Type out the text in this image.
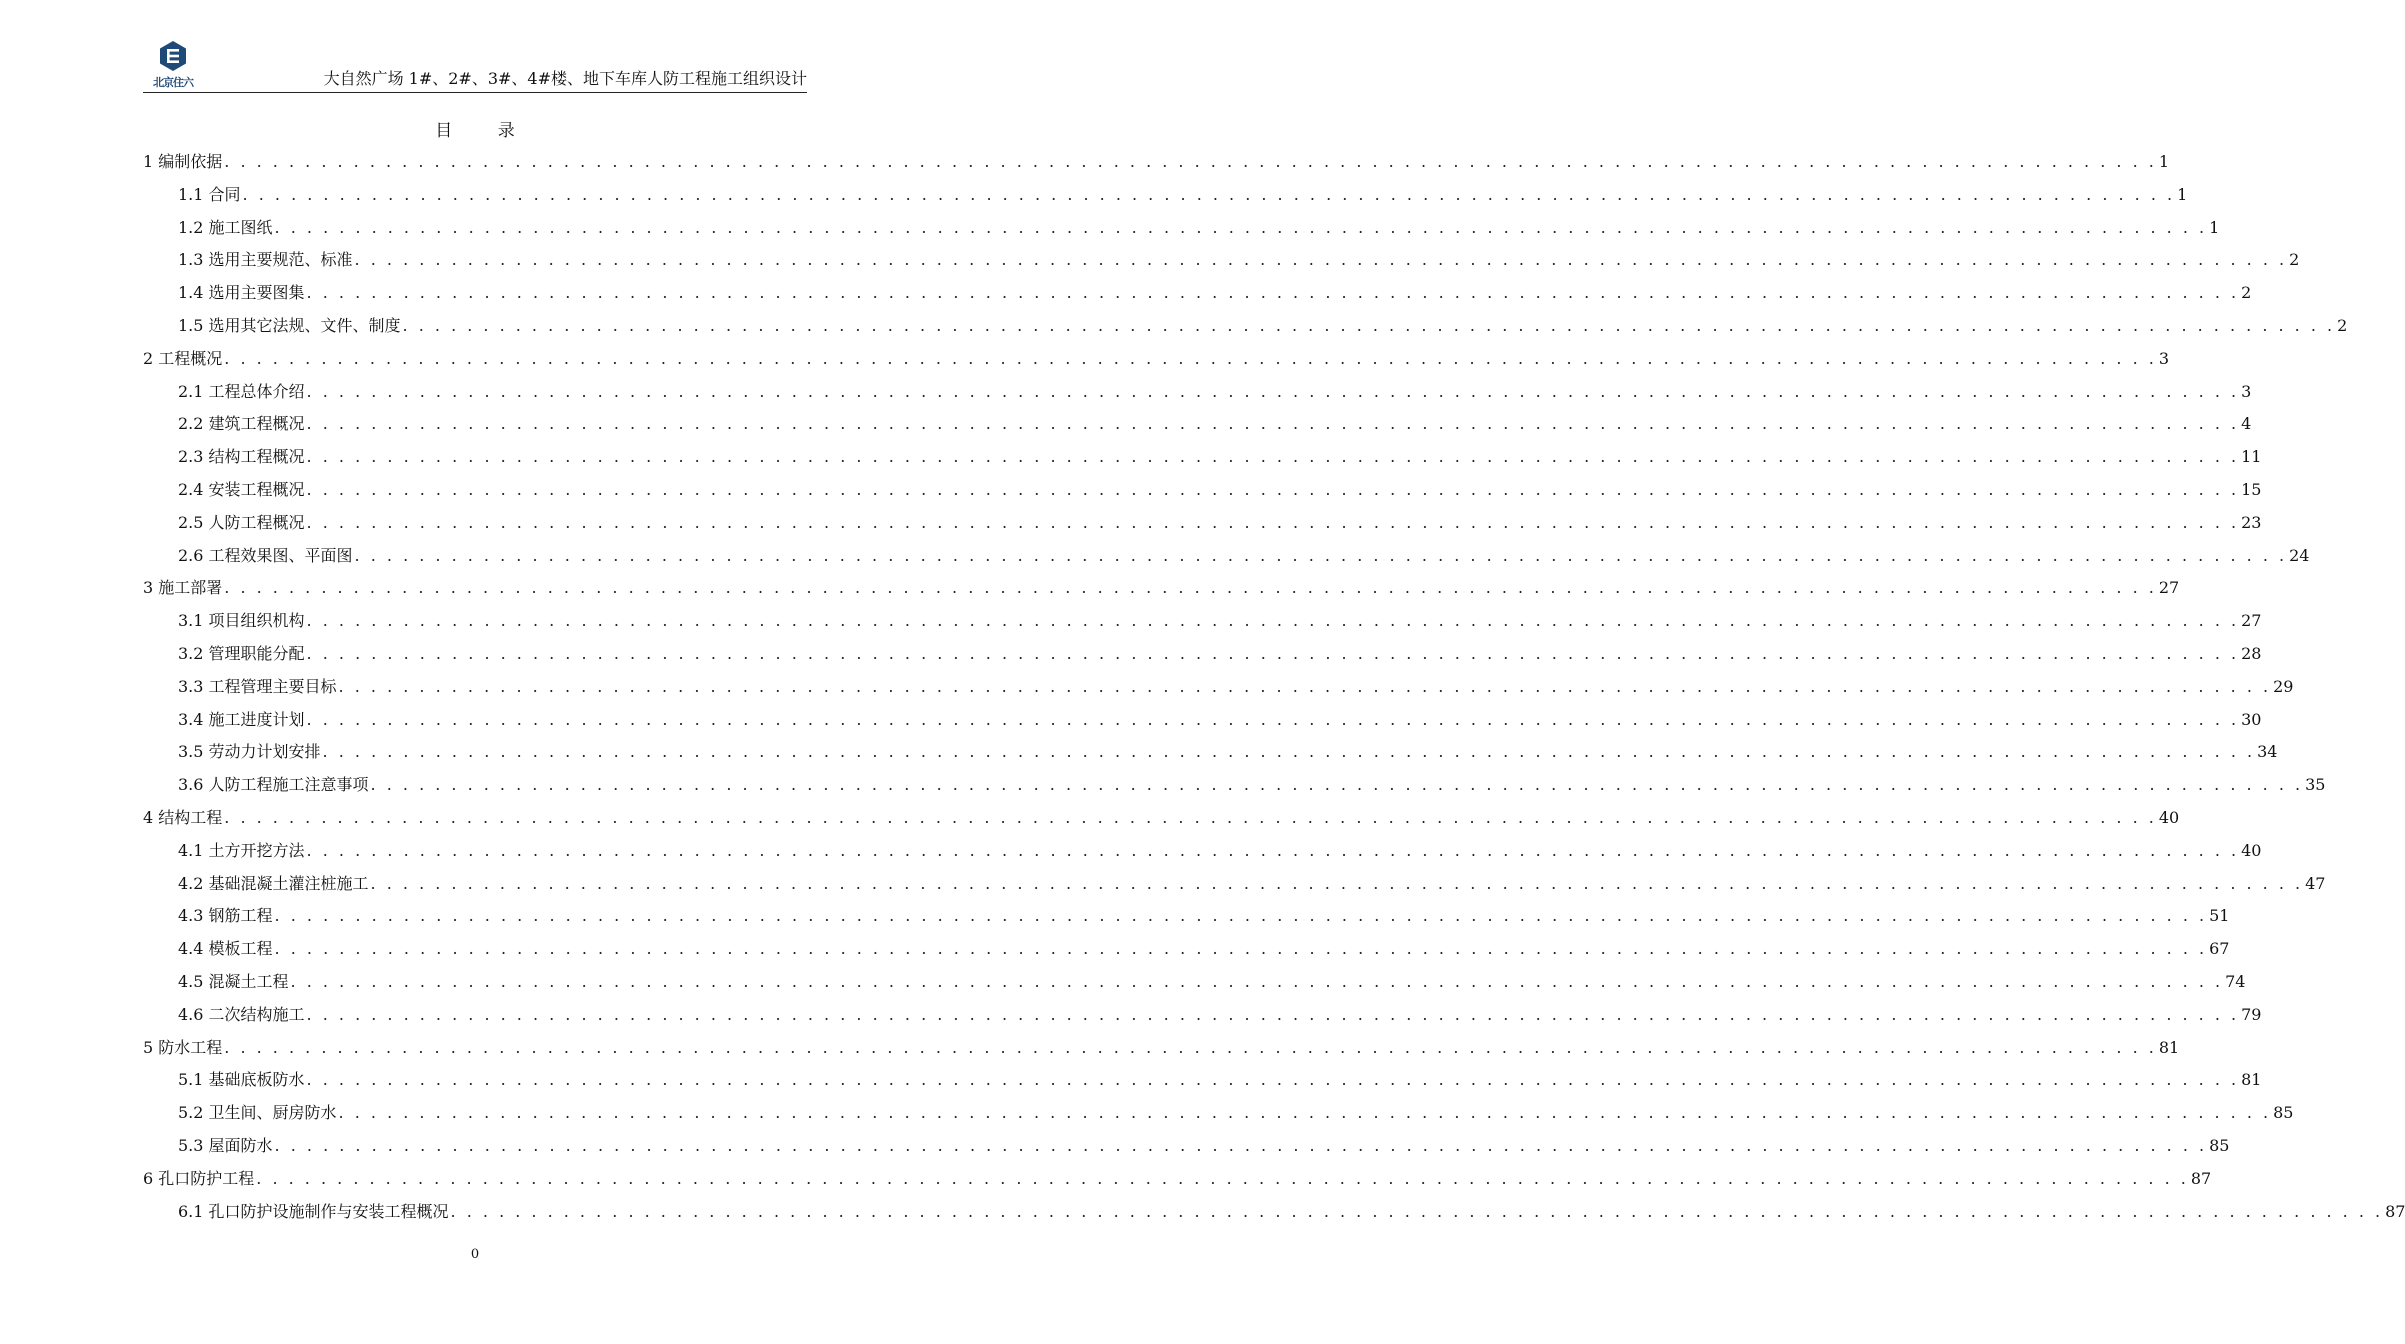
北京住六	大自然广场 1#、2#、3#、4#楼、地下车库人防工程施工组织设计
目 录
1 编制依据 . . . . . . . . . . . . . . . . . . . . . . . . . . . . . . . . . . . . . . . . . . . . . . . . . . . . . . . . . . . . . . . . . . . . . . . . . . . . . . . . . . . . . . . . . . . . . . . . . . . . . . . . . . . . . . . . . . . . . . . . 1
1.1 合同 . . . . . . . . . . . . . . . . . . . . . . . . . . . . . . . . . . . . . . . . . . . . . . . . . . . . . . . . . . . . . . . . . . . . . . . . . . . . . . . . . . . . . . . . . . . . . . . . . . . . . . . . . . . . . . . . . . . . . . . . 1
1.2 施工图纸 . . . . . . . . . . . . . . . . . . . . . . . . . . . . . . . . . . . . . . . . . . . . . . . . . . . . . . . . . . . . . . . . . . . . . . . . . . . . . . . . . . . . . . . . . . . . . . . . . . . . . . . . . . . . . . . . . . . . . . . . 1
1.3 选用主要规范、标准 . . . . . . . . . . . . . . . . . . . . . . . . . . . . . . . . . . . . . . . . . . . . . . . . . . . . . . . . . . . . . . . . . . . . . . . . . . . . . . . . . . . . . . . . . . . . . . . . . . . . . . . . . . . . . . . . . . . . . . . . 2
1.4 选用主要图集 . . . . . . . . . . . . . . . . . . . . . . . . . . . . . . . . . . . . . . . . . . . . . . . . . . . . . . . . . . . . . . . . . . . . . . . . . . . . . . . . . . . . . . . . . . . . . . . . . . . . . . . . . . . . . . . . . . . . . . . . 2
1.5 选用其它法规、文件、制度 . . . . . . . . . . . . . . . . . . . . . . . . . . . . . . . . . . . . . . . . . . . . . . . . . . . . . . . . . . . . . . . . . . . . . . . . . . . . . . . . . . . . . . . . . . . . . . . . . . . . . . . . . . . . . . . . . . . . . . . . 2
2 工程概况 . . . . . . . . . . . . . . . . . . . . . . . . . . . . . . . . . . . . . . . . . . . . . . . . . . . . . . . . . . . . . . . . . . . . . . . . . . . . . . . . . . . . . . . . . . . . . . . . . . . . . . . . . . . . . . . . . . . . . . . . 3
2.1 工程总体介绍 . . . . . . . . . . . . . . . . . . . . . . . . . . . . . . . . . . . . . . . . . . . . . . . . . . . . . . . . . . . . . . . . . . . . . . . . . . . . . . . . . . . . . . . . . . . . . . . . . . . . . . . . . . . . . . . . . . . . . . . . 3
2.2 建筑工程概况 . . . . . . . . . . . . . . . . . . . . . . . . . . . . . . . . . . . . . . . . . . . . . . . . . . . . . . . . . . . . . . . . . . . . . . . . . . . . . . . . . . . . . . . . . . . . . . . . . . . . . . . . . . . . . . . . . . . . . . . . 4
2.3 结构工程概况 . . . . . . . . . . . . . . . . . . . . . . . . . . . . . . . . . . . . . . . . . . . . . . . . . . . . . . . . . . . . . . . . . . . . . . . . . . . . . . . . . . . . . . . . . . . . . . . . . . . . . . . . . . . . . . . . . . . . . . . . 11
2.4 安装工程概况 . . . . . . . . . . . . . . . . . . . . . . . . . . . . . . . . . . . . . . . . . . . . . . . . . . . . . . . . . . . . . . . . . . . . . . . . . . . . . . . . . . . . . . . . . . . . . . . . . . . . . . . . . . . . . . . . . . . . . . . . 15
2.5 人防工程概况 . . . . . . . . . . . . . . . . . . . . . . . . . . . . . . . . . . . . . . . . . . . . . . . . . . . . . . . . . . . . . . . . . . . . . . . . . . . . . . . . . . . . . . . . . . . . . . . . . . . . . . . . . . . . . . . . . . . . . . . . 23
2.6 工程效果图、平面图 . . . . . . . . . . . . . . . . . . . . . . . . . . . . . . . . . . . . . . . . . . . . . . . . . . . . . . . . . . . . . . . . . . . . . . . . . . . . . . . . . . . . . . . . . . . . . . . . . . . . . . . . . . . . . . . . . . . . . . . . 24
3 施工部署 . . . . . . . . . . . . . . . . . . . . . . . . . . . . . . . . . . . . . . . . . . . . . . . . . . . . . . . . . . . . . . . . . . . . . . . . . . . . . . . . . . . . . . . . . . . . . . . . . . . . . . . . . . . . . . . . . . . . . . . . 27
3.1 项目组织机构 . . . . . . . . . . . . . . . . . . . . . . . . . . . . . . . . . . . . . . . . . . . . . . . . . . . . . . . . . . . . . . . . . . . . . . . . . . . . . . . . . . . . . . . . . . . . . . . . . . . . . . . . . . . . . . . . . . . . . . . . 27
3.2 管理职能分配 . . . . . . . . . . . . . . . . . . . . . . . . . . . . . . . . . . . . . . . . . . . . . . . . . . . . . . . . . . . . . . . . . . . . . . . . . . . . . . . . . . . . . . . . . . . . . . . . . . . . . . . . . . . . . . . . . . . . . . . . 28
3.3 工程管理主要目标 . . . . . . . . . . . . . . . . . . . . . . . . . . . . . . . . . . . . . . . . . . . . . . . . . . . . . . . . . . . . . . . . . . . . . . . . . . . . . . . . . . . . . . . . . . . . . . . . . . . . . . . . . . . . . . . . . . . . . . . . 29
3.4 施工进度计划 . . . . . . . . . . . . . . . . . . . . . . . . . . . . . . . . . . . . . . . . . . . . . . . . . . . . . . . . . . . . . . . . . . . . . . . . . . . . . . . . . . . . . . . . . . . . . . . . . . . . . . . . . . . . . . . . . . . . . . . . 30
3.5 劳动力计划安排 . . . . . . . . . . . . . . . . . . . . . . . . . . . . . . . . . . . . . . . . . . . . . . . . . . . . . . . . . . . . . . . . . . . . . . . . . . . . . . . . . . . . . . . . . . . . . . . . . . . . . . . . . . . . . . . . . . . . . . . . 34
3.6 人防工程施工注意事项 . . . . . . . . . . . . . . . . . . . . . . . . . . . . . . . . . . . . . . . . . . . . . . . . . . . . . . . . . . . . . . . . . . . . . . . . . . . . . . . . . . . . . . . . . . . . . . . . . . . . . . . . . . . . . . . . . . . . . . . . 35
4 结构工程 . . . . . . . . . . . . . . . . . . . . . . . . . . . . . . . . . . . . . . . . . . . . . . . . . . . . . . . . . . . . . . . . . . . . . . . . . . . . . . . . . . . . . . . . . . . . . . . . . . . . . . . . . . . . . . . . . . . . . . . . 40
4.1 土方开挖方法 . . . . . . . . . . . . . . . . . . . . . . . . . . . . . . . . . . . . . . . . . . . . . . . . . . . . . . . . . . . . . . . . . . . . . . . . . . . . . . . . . . . . . . . . . . . . . . . . . . . . . . . . . . . . . . . . . . . . . . . . 40
4.2 基础混凝土灌注桩施工 . . . . . . . . . . . . . . . . . . . . . . . . . . . . . . . . . . . . . . . . . . . . . . . . . . . . . . . . . . . . . . . . . . . . . . . . . . . . . . . . . . . . . . . . . . . . . . . . . . . . . . . . . . . . . . . . . . . . . . . . 47
4.3 钢筋工程 . . . . . . . . . . . . . . . . . . . . . . . . . . . . . . . . . . . . . . . . . . . . . . . . . . . . . . . . . . . . . . . . . . . . . . . . . . . . . . . . . . . . . . . . . . . . . . . . . . . . . . . . . . . . . . . . . . . . . . . . 51
4.4 模板工程 . . . . . . . . . . . . . . . . . . . . . . . . . . . . . . . . . . . . . . . . . . . . . . . . . . . . . . . . . . . . . . . . . . . . . . . . . . . . . . . . . . . . . . . . . . . . . . . . . . . . . . . . . . . . . . . . . . . . . . . . 67
4.5 混凝土工程 . . . . . . . . . . . . . . . . . . . . . . . . . . . . . . . . . . . . . . . . . . . . . . . . . . . . . . . . . . . . . . . . . . . . . . . . . . . . . . . . . . . . . . . . . . . . . . . . . . . . . . . . . . . . . . . . . . . . . . . . 74
4.6 二次结构施工 . . . . . . . . . . . . . . . . . . . . . . . . . . . . . . . . . . . . . . . . . . . . . . . . . . . . . . . . . . . . . . . . . . . . . . . . . . . . . . . . . . . . . . . . . . . . . . . . . . . . . . . . . . . . . . . . . . . . . . . . 79
5 防水工程 . . . . . . . . . . . . . . . . . . . . . . . . . . . . . . . . . . . . . . . . . . . . . . . . . . . . . . . . . . . . . . . . . . . . . . . . . . . . . . . . . . . . . . . . . . . . . . . . . . . . . . . . . . . . . . . . . . . . . . . . 81
5.1 基础底板防水 . . . . . . . . . . . . . . . . . . . . . . . . . . . . . . . . . . . . . . . . . . . . . . . . . . . . . . . . . . . . . . . . . . . . . . . . . . . . . . . . . . . . . . . . . . . . . . . . . . . . . . . . . . . . . . . . . . . . . . . . 81
5.2 卫生间、厨房防水 . . . . . . . . . . . . . . . . . . . . . . . . . . . . . . . . . . . . . . . . . . . . . . . . . . . . . . . . . . . . . . . . . . . . . . . . . . . . . . . . . . . . . . . . . . . . . . . . . . . . . . . . . . . . . . . . . . . . . . . . 85
5.3 屋面防水 . . . . . . . . . . . . . . . . . . . . . . . . . . . . . . . . . . . . . . . . . . . . . . . . . . . . . . . . . . . . . . . . . . . . . . . . . . . . . . . . . . . . . . . . . . . . . . . . . . . . . . . . . . . . . . . . . . . . . . . . 85
6 孔口防护工程 . . . . . . . . . . . . . . . . . . . . . . . . . . . . . . . . . . . . . . . . . . . . . . . . . . . . . . . . . . . . . . . . . . . . . . . . . . . . . . . . . . . . . . . . . . . . . . . . . . . . . . . . . . . . . . . . . . . . . . . . 87
6.1 孔口防护设施制作与安装工程概况 . . . . . . . . . . . . . . . . . . . . . . . . . . . . . . . . . . . . . . . . . . . . . . . . . . . . . . . . . . . . . . . . . . . . . . . . . . . . . . . . . . . . . . . . . . . . . . . . . . . . . . . . . . . . . . . . . . . . . . . . 87
0
